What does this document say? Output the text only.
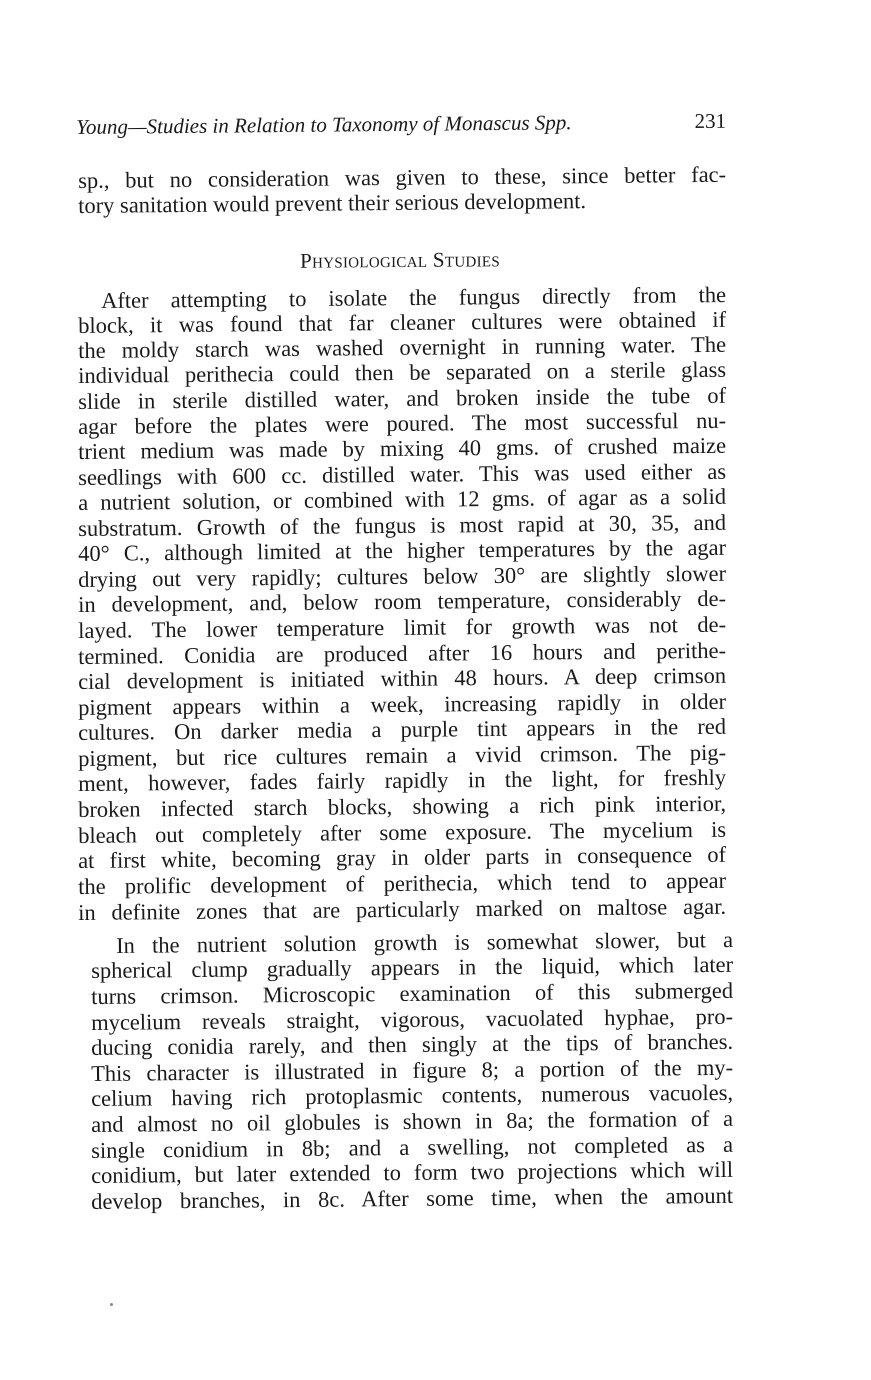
Young—Studies in Relation to Taxonomy of Monascus Spp.	231
sp., but no consideration was given to these, since better fac-
tory sanitation would prevent their serious development.
Physiological Studies
After attempting to isolate the fungus directly from the
block, it was found that far cleaner cultures were obtained if
the moldy starch was washed overnight in running water. The
individual perithecia could then be separated on a sterile glass
slide in sterile distilled water, and broken inside the tube of
agar before the plates were poured. The most successful nu-
trient medium was made by mixing 40 gms. of crushed maize
seedlings with 600 cc. distilled water. This was used either as
a nutrient solution, or combined with 12 gms. of agar as a solid
substratum. Growth of the fungus is most rapid at 30, 35, and
40° C., although limited at the higher temperatures by the agar
drying out very rapidly; cultures below 30° are slightly slower
in development, and, below room temperature, considerably de-
layed. The lower temperature limit for growth was not de-
termined. Conidia are produced after 16 hours and perithe-
cial development is initiated within 48 hours. A deep crimson
pigment appears within a week, increasing rapidly in older
cultures. On darker media a purple tint appears in the red
pigment, but rice cultures remain a vivid crimson. The pig-
ment, however, fades fairly rapidly in the light, for freshly
broken infected starch blocks, showing a rich pink interior,
bleach out completely after some exposure. The mycelium is
at first white, becoming gray in older parts in consequence of
the prolific development of perithecia, which tend to appear
in definite zones that are particularly marked on maltose agar.
In the nutrient solution growth is somewhat slower, but a
spherical clump gradually appears in the liquid, which later
turns crimson. Microscopic examination of this submerged
mycelium reveals straight, vigorous, vacuolated hyphae, pro-
ducing conidia rarely, and then singly at the tips of branches.
This character is illustrated in figure 8; a portion of the my-
celium having rich protoplasmic contents, numerous vacuoles,
and almost no oil globules is shown in 8a; the formation of a
single conidium in 8b; and a swelling, not completed as a
conidium, but later extended to form two projections which will
develop branches, in 8c. After some time, when the amount
